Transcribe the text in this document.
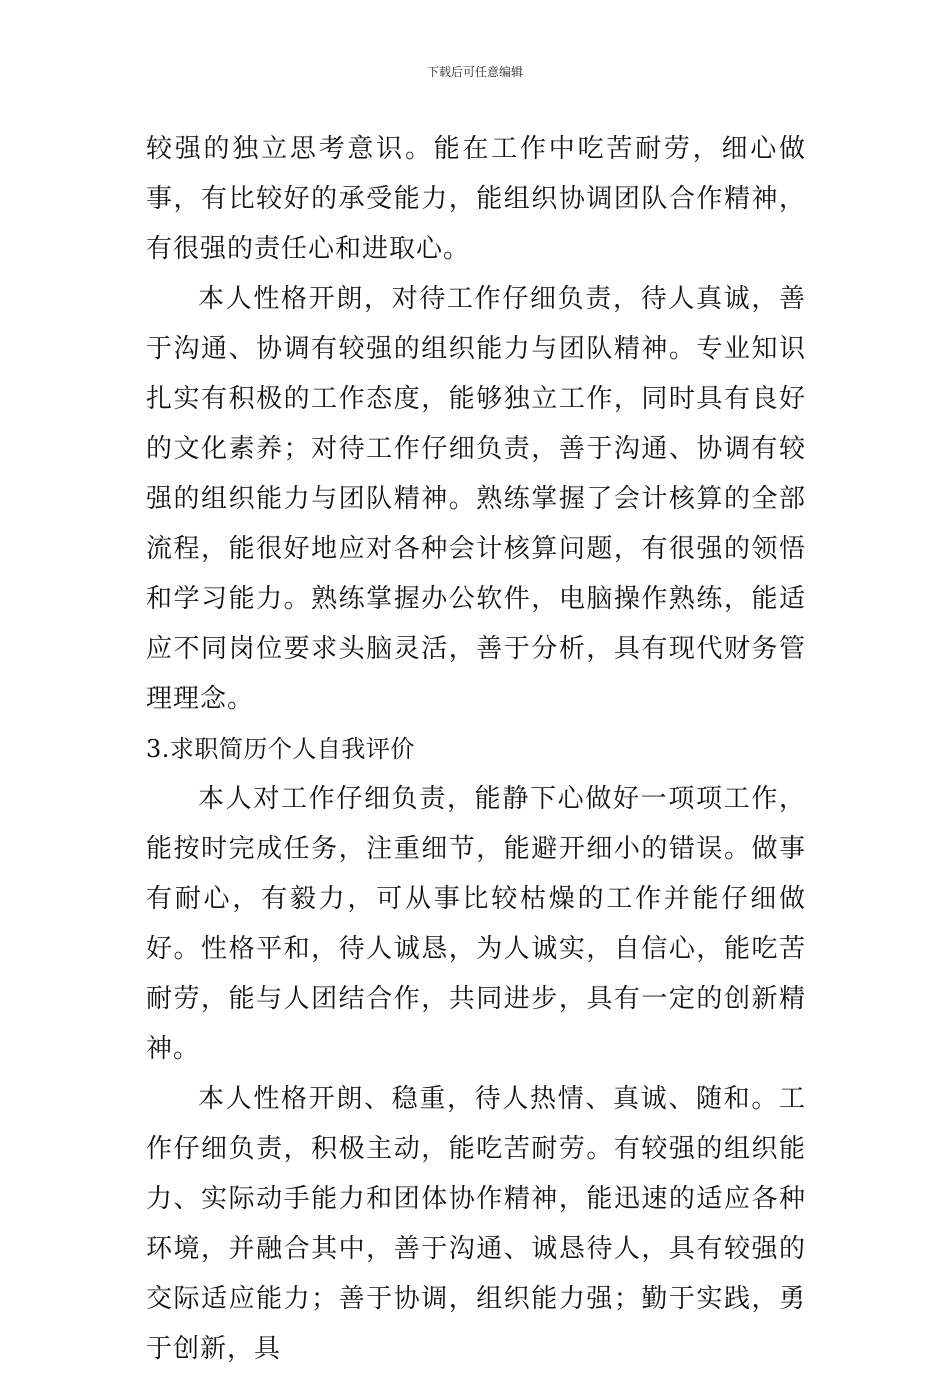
下载后可任意编辑

较强的独立思考意识。能在工作中吃苦耐劳，细心做事，有比较好的承受能力，能组织协调团队合作精神，有很强的责任心和进取心。

本人性格开朗，对待工作仔细负责，待人真诚，善于沟通、协调有较强的组织能力与团队精神。专业知识扎实有积极的工作态度，能够独立工作，同时具有良好的文化素养；对待工作仔细负责，善于沟通、协调有较强的组织能力与团队精神。熟练掌握了会计核算的全部流程，能很好地应对各种会计核算问题，有很强的领悟和学习能力。熟练掌握办公软件，电脑操作熟练，能适应不同岗位要求头脑灵活，善于分析，具有现代财务管理理念。

3.求职简历个人自我评价

本人对工作仔细负责，能静下心做好一项项工作，能按时完成任务，注重细节，能避开细小的错误。做事有耐心，有毅力，可从事比较枯燥的工作并能仔细做好。性格平和，待人诚恳，为人诚实，自信心，能吃苦耐劳，能与人团结合作，共同进步，具有一定的创新精神。

本人性格开朗、稳重，待人热情、真诚、随和。工作仔细负责，积极主动，能吃苦耐劳。有较强的组织能力、实际动手能力和团体协作精神，能迅速的适应各种环境，并融合其中，善于沟通、诚恳待人，具有较强的交际适应能力；善于协调，组织能力强；勤于实践，勇于创新，具
